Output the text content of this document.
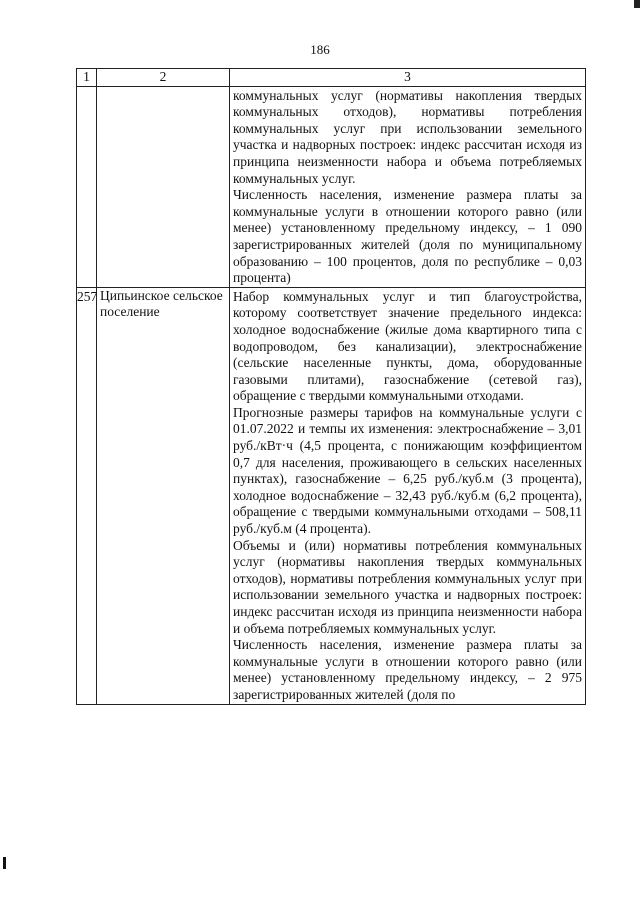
186
1	2	3

		коммунальных услуг (нормативы накопления твердых коммунальных отходов), нормативы потребления коммунальных услуг при использовании земельного участка и надворных построек: индекс рассчитан исходя из принципа неизменности набора и объема потребляемых коммунальных услуг.

Численность населения, изменение размера платы за коммунальные услуги в отношении которого равно (или менее) установленному предельному индексу, – 1 090 зарегистрированных жителей (доля по муниципальному образованию – 100 процентов, доля по республике – 0,03 процента)

257	Ципьинское сельское поселение	Набор коммунальных услуг и тип благоустройства, которому соответствует значение предельного индекса: холодное водоснабжение (жилые дома квартирного типа с водопроводом, без канализации), электроснабжение (сельские населенные пункты, дома, оборудованные газовыми плитами), газоснабжение (сетевой газ), обращение с твердыми коммунальными отходами.

Прогнозные размеры тарифов на коммунальные услуги с 01.07.2022 и темпы их изменения: электроснабжение – 3,01 руб./кВт·ч (4,5 процента, с понижающим коэффициентом 0,7 для населения, проживающего в сельских населенных пунктах), газоснабжение – 6,25 руб./куб.м (3 процента), холодное водоснабжение – 32,43 руб./куб.м (6,2 процента), обращение с твердыми коммунальными отходами – 508,11 руб./куб.м (4 процента).

Объемы и (или) нормативы потребления коммунальных услуг (нормативы накопления твердых коммунальных отходов), нормативы потребления коммунальных услуг при использовании земельного участка и надворных построек: индекс рассчитан исходя из принципа неизменности набора и объема потребляемых коммунальных услуг.

Численность населения, изменение размера платы за коммунальные услуги в отношении которого равно (или менее) установленному предельному индексу, – 2 975 зарегистрированных жителей (доля по
